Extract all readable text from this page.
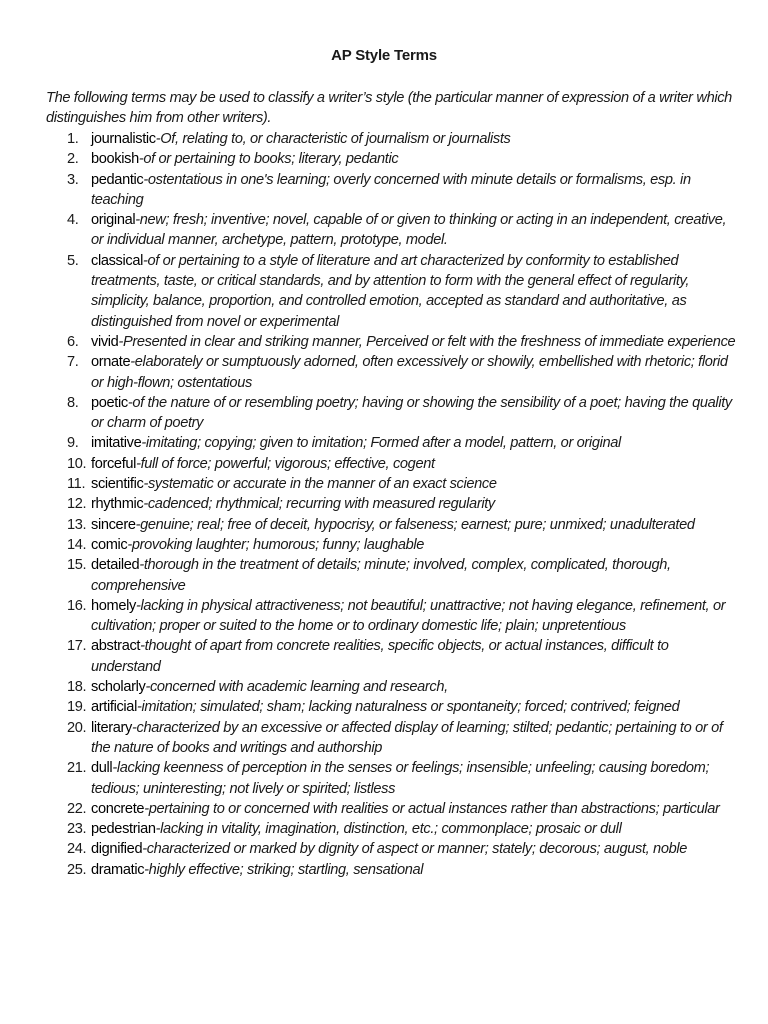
AP Style Terms

The following terms may be used to classify a writer’s style (the particular manner of expression of a writer which distinguishes him from other writers).

1. journalistic-Of, relating to, or characteristic of journalism or journalists
2. bookish-of or pertaining to books; literary, pedantic
3. pedantic-ostentatious in one's learning; overly concerned with minute details or formalisms, esp. in teaching
4. original-new; fresh; inventive; novel, capable of or given to thinking or acting in an independent, creative, or individual manner, archetype, pattern, prototype, model.
5. classical-of or pertaining to a style of literature and art characterized by conformity to established treatments, taste, or critical standards, and by attention to form with the general effect of regularity, simplicity, balance, proportion, and controlled emotion, accepted as standard and authoritative, as distinguished from novel or experimental
6. vivid-Presented in clear and striking manner, Perceived or felt with the freshness of immediate experience
7. ornate-elaborately or sumptuously adorned, often excessively or showily, embellished with rhetoric; florid or high-flown; ostentatious
8. poetic-of the nature of or resembling poetry; having or showing the sensibility of a poet; having the quality or charm of poetry
9. imitative-imitating; copying; given to imitation; Formed after a model, pattern, or original
10. forceful-full of force; powerful; vigorous; effective, cogent
11. scientific-systematic or accurate in the manner of an exact science
12. rhythmic-cadenced; rhythmical; recurring with measured regularity
13. sincere-genuine; real; free of deceit, hypocrisy, or falseness; earnest; pure; unmixed; unadulterated
14. comic-provoking laughter; humorous; funny; laughable
15. detailed-thorough in the treatment of details; minute; involved, complex, complicated, thorough, comprehensive
16. homely-lacking in physical attractiveness; not beautiful; unattractive; not having elegance, refinement, or cultivation; proper or suited to the home or to ordinary domestic life; plain; unpretentious
17. abstract-thought of apart from concrete realities, specific objects, or actual instances, difficult to understand
18. scholarly-concerned with academic learning and research,
19. artificial-imitation; simulated; sham; lacking naturalness or spontaneity; forced; contrived; feigned
20. literary-characterized by an excessive or affected display of learning; stilted; pedantic; pertaining to or of the nature of books and writings and authorship
21. dull-lacking keenness of perception in the senses or feelings; insensible; unfeeling; causing boredom; tedious; uninteresting; not lively or spirited; listless
22. concrete-pertaining to or concerned with realities or actual instances rather than abstractions; particular
23. pedestrian-lacking in vitality, imagination, distinction, etc.; commonplace; prosaic or dull
24. dignified-characterized or marked by dignity of aspect or manner; stately; decorous; august, noble
25. dramatic-highly effective; striking; startling, sensational
